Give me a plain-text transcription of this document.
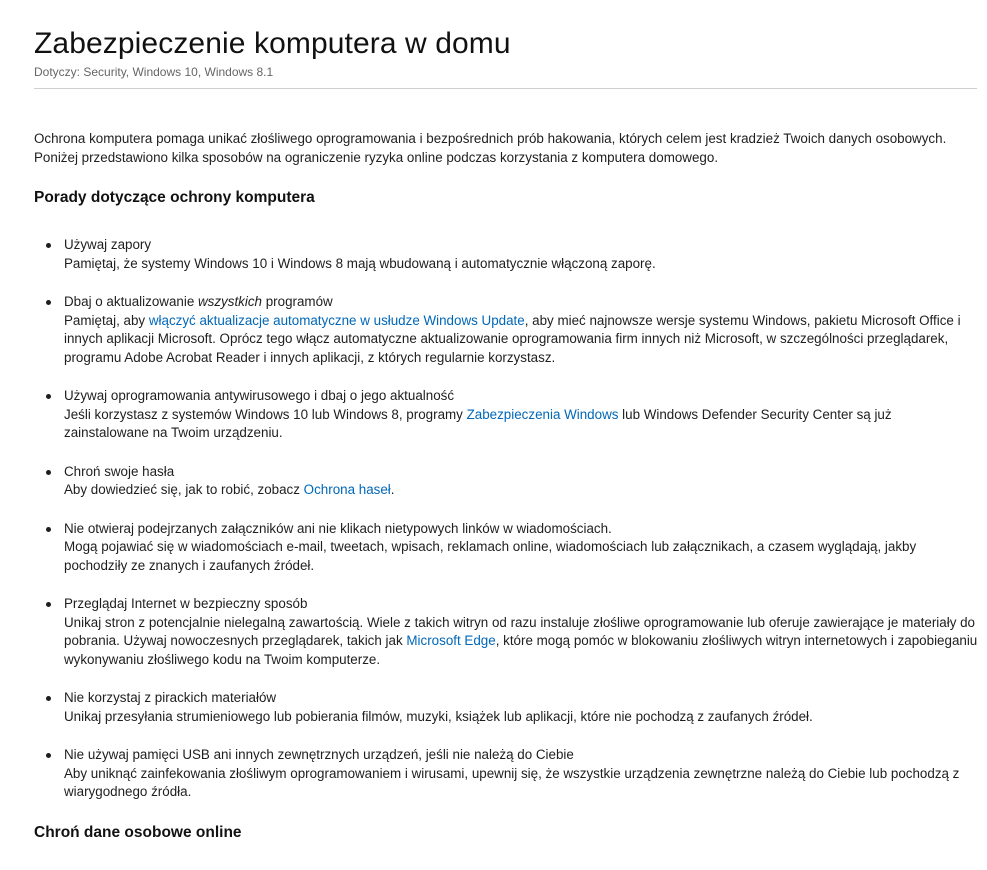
Zabezpieczenie komputera w domu
Dotyczy: Security, Windows 10, Windows 8.1

Ochrona komputera pomaga unikać złośliwego oprogramowania i bezpośrednich prób hakowania, których celem jest kradzież Twoich danych osobowych. Poniżej przedstawiono kilka sposobów na ograniczenie ryzyka online podczas korzystania z komputera domowego.

Porady dotyczące ochrony komputera
Używaj zapory
Pamiętaj, że systemy Windows 10 i Windows 8 mają wbudowaną i automatycznie włączoną zaporę.
Dbaj o aktualizowanie wszystkich programów
Pamiętaj, aby włączyć aktualizacje automatyczne w usłudze Windows Update, aby mieć najnowsze wersje systemu Windows, pakietu Microsoft Office i innych aplikacji Microsoft. Oprócz tego włącz automatyczne aktualizowanie oprogramowania firm innych niż Microsoft, w szczególności przeglądarek, programu Adobe Acrobat Reader i innych aplikacji, z których regularnie korzystasz.
Używaj oprogramowania antywirusowego i dbaj o jego aktualność
Jeśli korzystasz z systemów Windows 10 lub Windows 8, programy Zabezpieczenia Windows lub Windows Defender Security Center są już zainstalowane na Twoim urządzeniu.
Chroń swoje hasła
Aby dowiedzieć się, jak to robić, zobacz Ochrona haseł.
Nie otwieraj podejrzanych załączników ani nie klikach nietypowych linków w wiadomościach.
Mogą pojawiać się w wiadomościach e-mail, tweetach, wpisach, reklamach online, wiadomościach lub załącznikach, a czasem wyglądają, jakby pochodziły ze znanych i zaufanych źródeł.
Przeglądaj Internet w bezpieczny sposób
Unikaj stron z potencjalnie nielegalną zawartością. Wiele z takich witryn od razu instaluje złośliwe oprogramowanie lub oferuje zawierające je materiały do pobrania. Używaj nowoczesnych przeglądarek, takich jak Microsoft Edge, które mogą pomóc w blokowaniu złośliwych witryn internetowych i zapobieganiu wykonywaniu złośliwego kodu na Twoim komputerze.
Nie korzystaj z pirackich materiałów
Unikaj przesyłania strumieniowego lub pobierania filmów, muzyki, książek lub aplikacji, które nie pochodzą z zaufanych źródeł.
Nie używaj pamięci USB ani innych zewnętrznych urządzeń, jeśli nie należą do Ciebie
Aby uniknąć zainfekowania złośliwym oprogramowaniem i wirusami, upewnij się, że wszystkie urządzenia zewnętrzne należą do Ciebie lub pochodzą z wiarygodnego źródła.
Chroń dane osobowe online
